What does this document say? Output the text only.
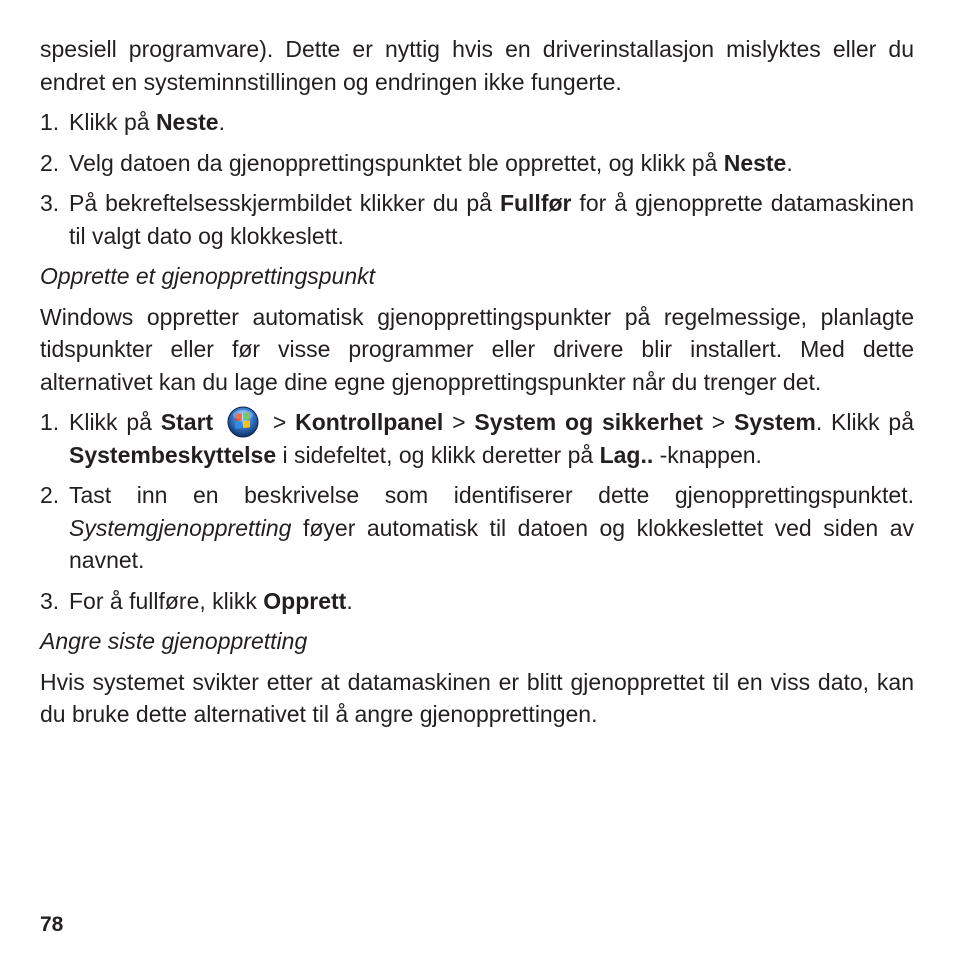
spesiell programvare). Dette er nyttig hvis en driverinstallasjon mislyktes eller du endret en systeminnstillingen og endringen ikke fungerte.

1. Klikk på Neste.
2. Velg datoen da gjenopprettingspunktet ble opprettet, og klikk på Neste.
3. På bekreftelsesskjermbildet klikker du på Fullfør for å gjenopprette datamaskinen til valgt dato og klokkeslett.

Opprette et gjenopprettingspunkt

Windows oppretter automatisk gjenopprettingspunkter på regelmessige, planlagte tidspunkter eller før visse programmer eller drivere blir installert. Med dette alternativet kan du lage dine egne gjenopprettingspunkter når du trenger det.

1. Klikk på Start	> Kontrollpanel > System og sikkerhet > System. Klikk på Systembeskyttelse i sidefeltet, og klikk deretter på Lag.. -knappen.
2. Tast inn en beskrivelse som identifiserer dette gjenopprettingspunktet. Systemgjenoppretting føyer automatisk til datoen og klokkeslettet ved siden av navnet.
3. For å fullføre, klikk Opprett.

Angre siste gjenoppretting

Hvis systemet svikter etter at datamaskinen er blitt gjenopprettet til en viss dato, kan du bruke dette alternativet til å angre gjenopprettingen.

78
